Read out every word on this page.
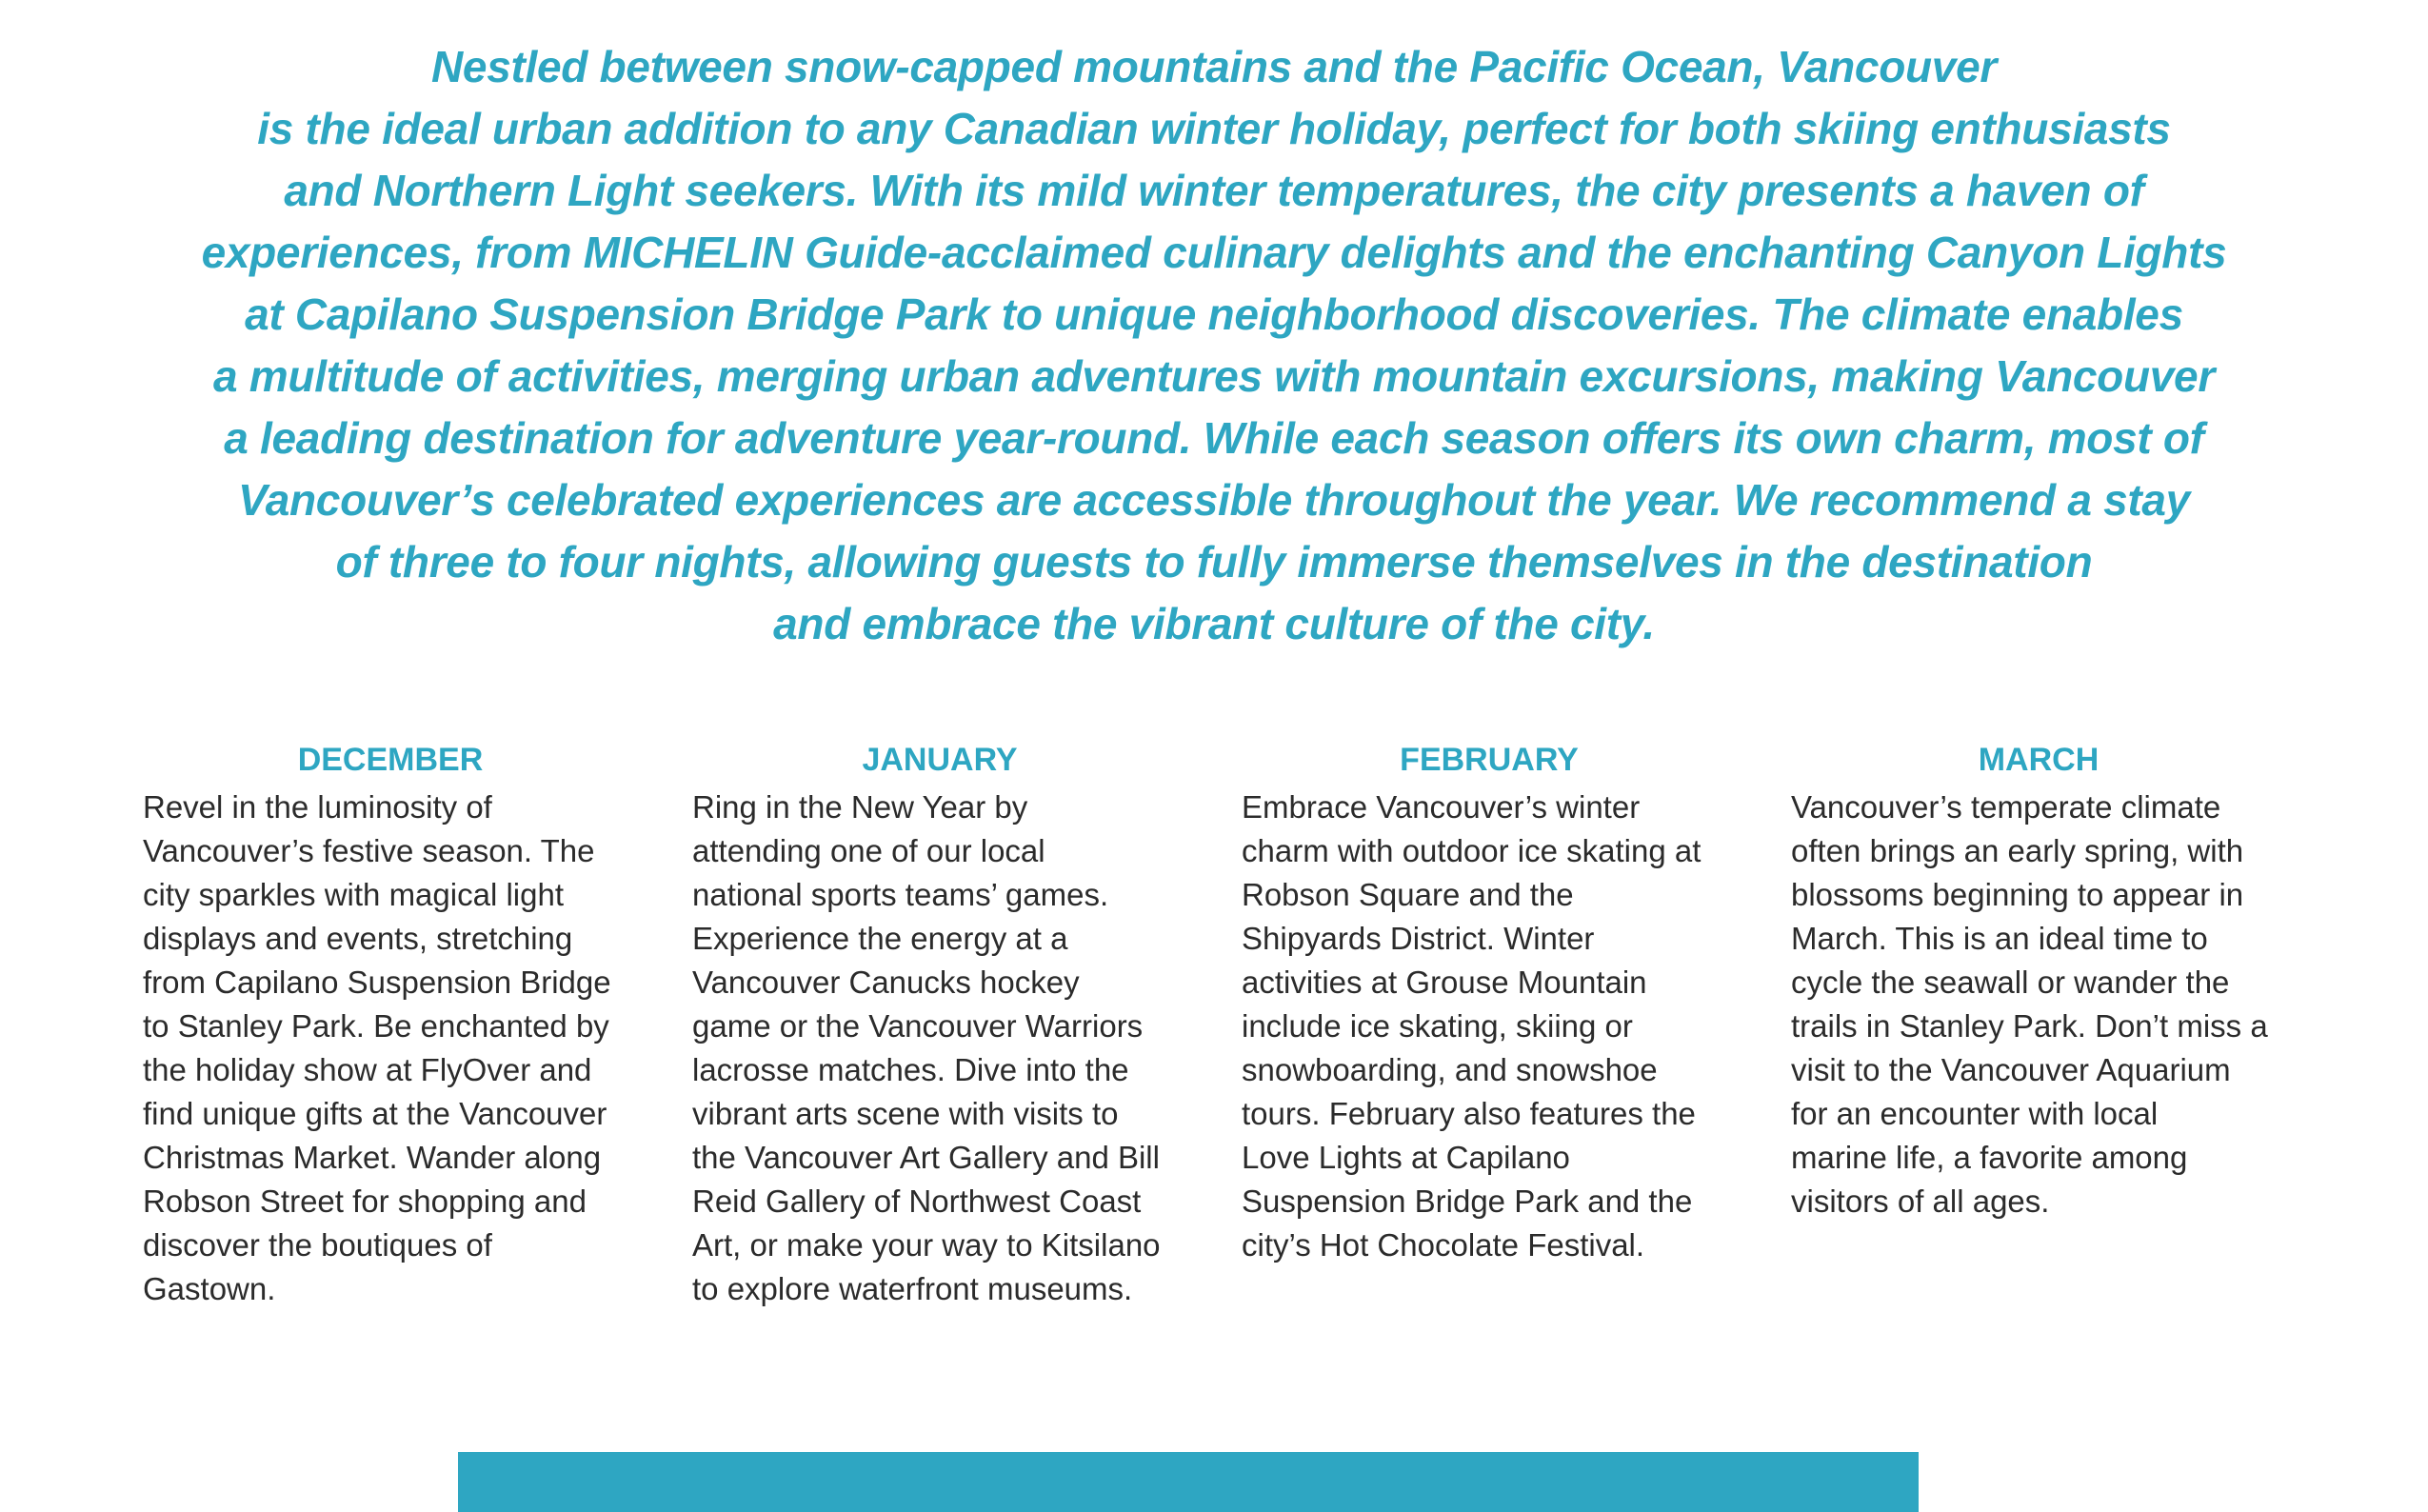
Nestled between snow-capped mountains and the Pacific Ocean, Vancouver
is the ideal urban addition to any Canadian winter holiday, perfect for both skiing enthusiasts
and Northern Light seekers. With its mild winter temperatures, the city presents a haven of
experiences, from MICHELIN Guide-acclaimed culinary delights and the enchanting Canyon Lights
at Capilano Suspension Bridge Park to unique neighborhood discoveries. The climate enables
a multitude of activities, merging urban adventures with mountain excursions, making Vancouver
a leading destination for adventure year-round. While each season offers its own charm, most of
Vancouver’s celebrated experiences are accessible throughout the year. We recommend a stay
of three to four nights, allowing guests to fully immerse themselves in the destination
and embrace the vibrant culture of the city.
DECEMBER
Revel in the luminosity of
Vancouver’s festive season. The
city sparkles with magical light
displays and events, stretching
from Capilano Suspension Bridge
to Stanley Park. Be enchanted by
the holiday show at FlyOver and
find unique gifts at the Vancouver
Christmas Market. Wander along
Robson Street for shopping and
discover the boutiques of
Gastown.
JANUARY
Ring in the New Year by
attending one of our local
national sports teams’ games.
Experience the energy at a
Vancouver Canucks hockey
game or the Vancouver Warriors
lacrosse matches. Dive into the
vibrant arts scene with visits to
the Vancouver Art Gallery and Bill
Reid Gallery of Northwest Coast
Art, or make your way to Kitsilano
to explore waterfront museums.
FEBRUARY
Embrace Vancouver’s winter
charm with outdoor ice skating at
Robson Square and the
Shipyards District. Winter
activities at Grouse Mountain
include ice skating, skiing or
snowboarding, and snowshoe
tours. February also features the
Love Lights at Capilano
Suspension Bridge Park and the
city’s Hot Chocolate Festival.
MARCH
Vancouver’s temperate climate
often brings an early spring, with
blossoms beginning to appear in
March. This is an ideal time to
cycle the seawall or wander the
trails in Stanley Park. Don’t miss a
visit to the Vancouver Aquarium
for an encounter with local
marine life, a favorite among
visitors of all ages.
